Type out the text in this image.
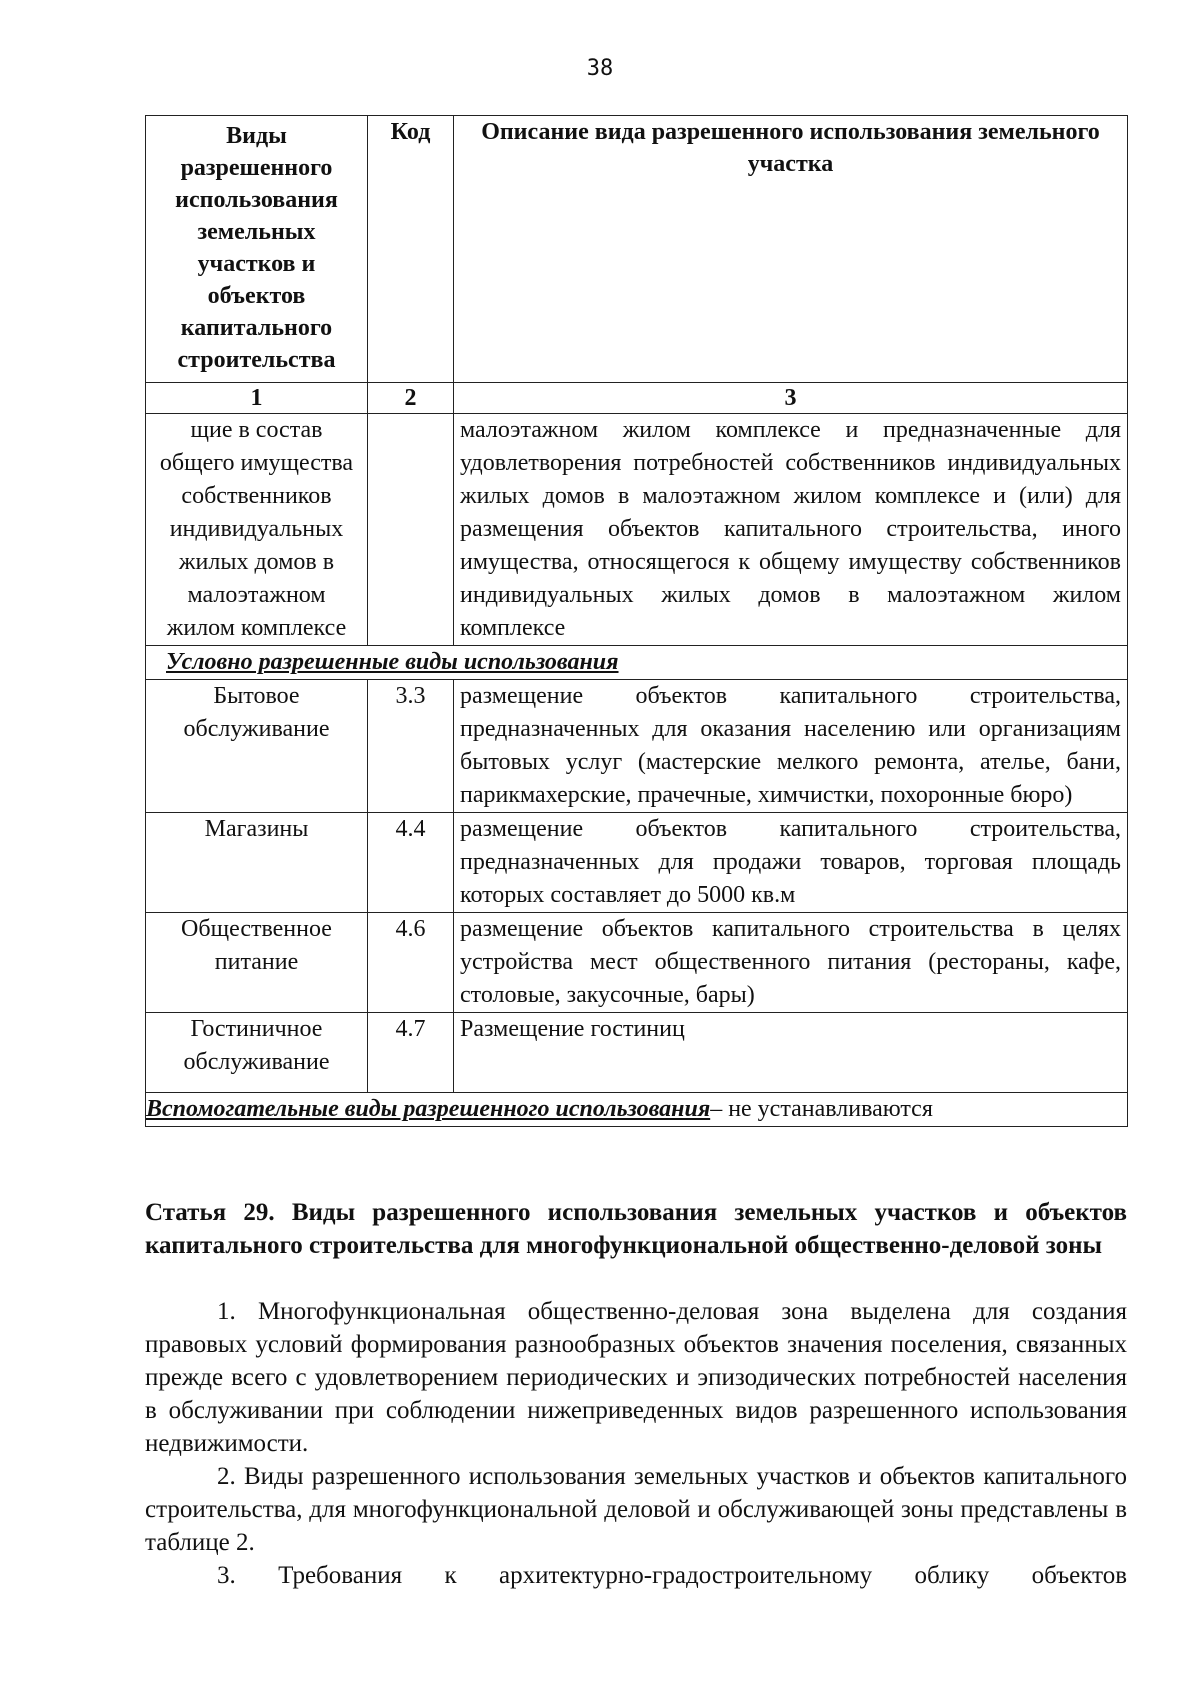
38
Виды разрешенного использования земельных участков и объектов капитального строительства	Код	Описание вида разрешенного использования земельного участка
1	2	3
щие в состав общего имущества собственников индивидуальных жилых домов в малоэтажном жилом комплексе		малоэтажном жилом комплексе и предназначенные для удовлетворения потребностей собственников индивидуальных жилых домов в малоэтажном жилом комплексе и (или) для размещения объектов капитального строительства, иного имущества, относящегося к общему имуществу собственников индивидуальных жилых домов в малоэтажном жилом комплексе
Условно разрешенные виды использования		
Бытовое обслуживание	3.3	размещение объектов капитального строительства, предназначенных для оказания населению или организациям бытовых услуг (мастерские мелкого ремонта, ателье, бани, парикмахерские, прачечные, химчистки, похоронные бюро)
Магазины	4.4	размещение объектов капитального строительства, предназначенных для продажи товаров, торговая площадь которых составляет до 5000 кв.м
Общественное питание	4.6	размещение объектов капитального строительства в целях устройства мест общественного питания (рестораны, кафе, столовые, закусочные, бары)
Гостиничное обслуживание	4.7	Размещение гостиниц
Вспомогательные виды разрешенного использования– не устанавливаются		
Статья 29. Виды разрешенного использования земельных участков и объектов капитального строительства для многофункциональной общественно-деловой зоны

1. Многофункциональная общественно-деловая зона выделена для создания правовых условий формирования разнообразных объектов значения поселения, связанных прежде всего с удовлетворением периодических и эпизодических потребностей населения в обслуживании при соблюдении нижеприведенных видов разрешенного использования недвижимости.

2. Виды разрешенного использования земельных участков и объектов капитального строительства, для многофункциональной деловой и обслуживающей зоны представлены в таблице 2.

3. Требования к архитектурно-градостроительному облику объектов
